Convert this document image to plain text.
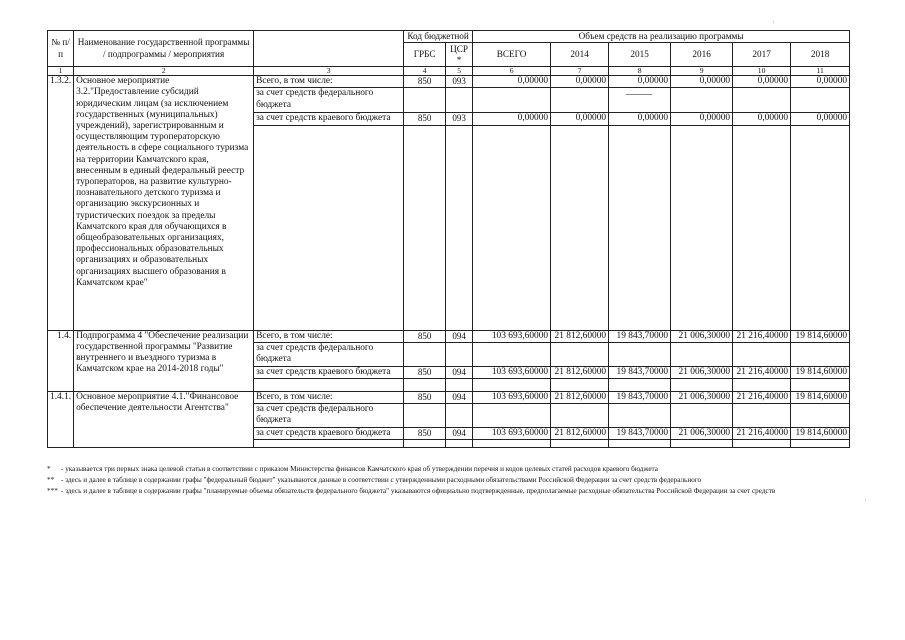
№ п/п	Наименование государственной программы / подпрограммы / мероприятия		Код бюджетной		Объем средств на реализацию программы					
			ГРБС	ЦСР *	ВСЕГО	2014	2015	2016	2017	2018
1	2	3	4	5	6	7	8	9	10	11
1.3.2.	Основное мероприятие 3.2."Предоставление субсидий юридическим лицам (за исключением государственных (муниципальных) учреждений), зарегистрированным и осуществляющим туроператорскую деятельность в сфере социального туризма на территории Камчатского края, внесенным в единый федеральный реестр туроператоров, на развитие культурно-познавательного детского туризма и организацию экскурсионных и туристических поездок за пределы Камчатского края для обучающихся в общеобразовательных организациях, профессиональных образовательных организациях и образовательных организациях высшего образования в Камчатском крае"	Всего, в том числе:	850	093	0,00000	0,00000	0,00000	0,00000	0,00000	0,00000
		за счет средств федерального бюджета								
		за счет средств краевого бюджета	850	093	0,00000	0,00000	0,00000	0,00000	0,00000	0,00000

1.4.	Подпрограмма 4 "Обеспечение реализации государственной программы "Развитие внутреннего и въездного туризма в Камчатском крае на 2014-2018 годы"	Всего, в том числе:	850	094	103 693,60000	21 812,60000	19 843,70000	21 006,30000	21 216,40000	19 814,60000
		за счет средств федерального бюджета								
		за счет средств краевого бюджета	850	094	103 693,60000	21 812,60000	19 843,70000	21 006,30000	21 216,40000	19 814,60000

1.4.1.	Основное мероприятие 4.1."Финансовое обеспечение деятельности Агентства"	Всего, в том числе:	850	094	103 693,60000	21 812,60000	19 843,70000	21 006,30000	21 216,40000	19 814,60000
		за счет средств федерального бюджета								
		за счет средств краевого бюджета	850	094	103 693,60000	21 812,60000	19 843,70000	21 006,30000	21 216,40000	19 814,60000

* - указывается три первых знака целевой статьи в соответствии с приказом Министерства финансов Камчатского края об утверждении перечня и кодов целевых статей расходов краевого бюджета
** - здесь и далее в таблице в содержании графы "федеральный бюджет" указываются данные в соответствии с утвержденными расходными обязательствами Российской Федерации за счет средств федерального
*** - здесь и далее в таблице в содержании графы "планируемые объемы обязательств федерального бюджета" указываются официально подтвержденные, предполагаемые расходные обязательства Российской Федерации за счет средств
·
·
